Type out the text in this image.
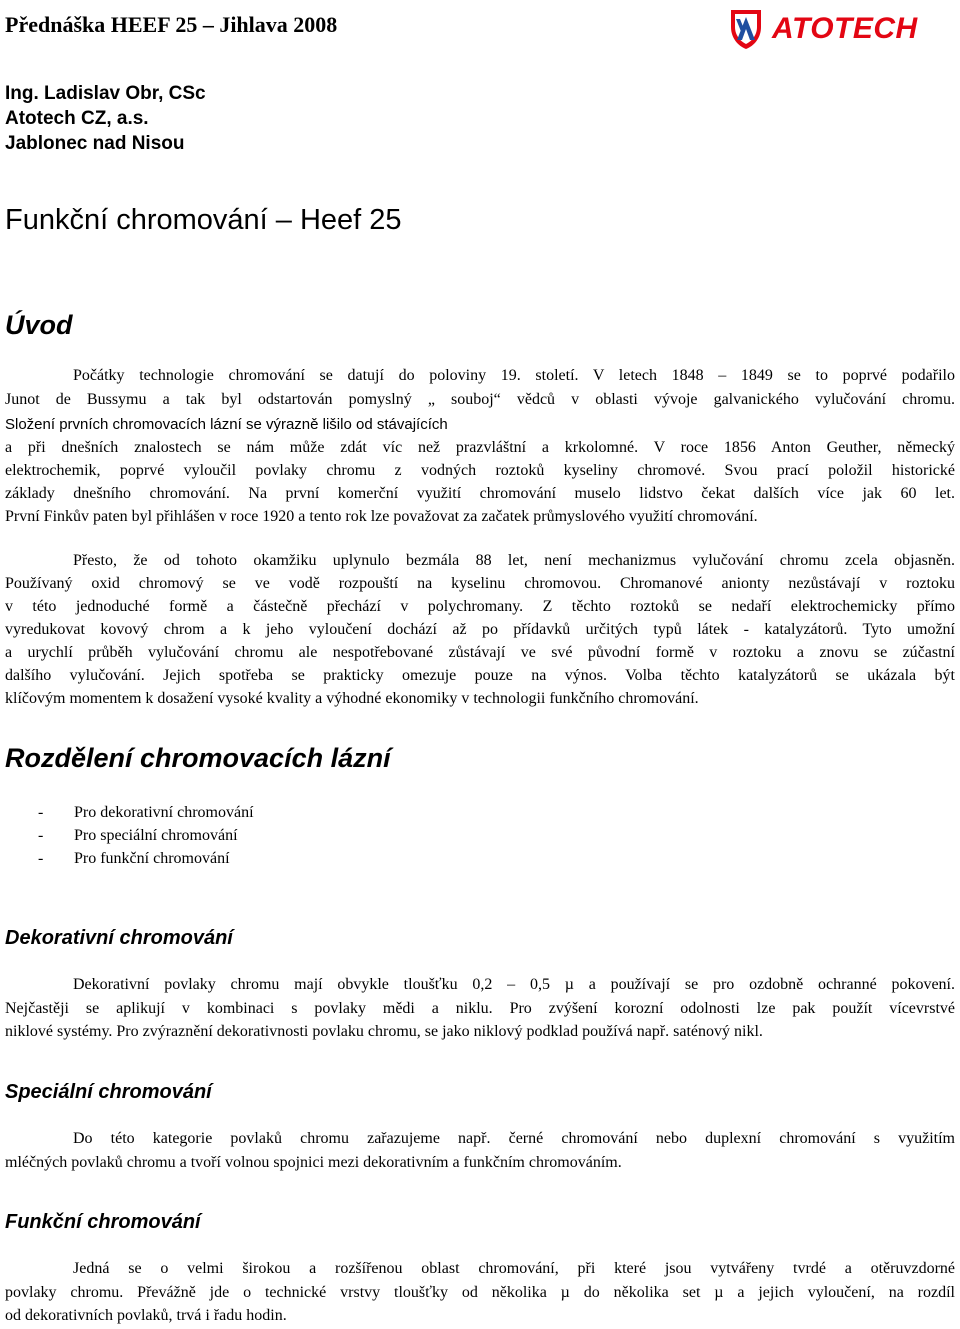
Přednáška HEEF 25 – Jihlava 2008	ATOTECH
Ing. Ladislav Obr, CSc
Atotech CZ, a.s.
Jablonec nad Nisou
Funkční chromování – Heef 25
Úvod
Počátky technologie chromování se datují do poloviny 19. století. V letech 1848 – 1849 se to poprvé podařilo
Junot de Bussymu a tak byl odstartován pomyslný „ souboj“ vědců v oblasti vývoje galvanického vylučování chromu.
Složení prvních chromovacích lázní se výrazně lišilo od stávajících
a při dnešních znalostech se nám může zdát víc než prazvláštní a krkolomné. V roce 1856 Anton Geuther, německý
elektrochemik, poprvé vyloučil povlaky chromu z vodných roztoků kyseliny chromové. Svou prací položil historické
základy dnešního chromování. Na první komerční využití chromování muselo lidstvo čekat dalších více jak 60 let.
První Finkův paten byl přihlášen v roce 1920 a tento rok lze považovat za začatek průmyslového využití chromování.
Přesto, že od tohoto okamžiku uplynulo bezmála 88 let, není mechanizmus vylučování chromu zcela objasněn.
Používaný oxid chromový se ve vodě rozpouští na kyselinu chromovou. Chromanové anionty nezůstávají v roztoku
v této jednoduché formě a částečně přechází v polychromany. Z těchto roztoků se nedaří elektrochemicky přímo
vyredukovat kovový chrom a k jeho vyloučení dochází až po přídavků určitých typů látek - katalyzátorů. Tyto umožní
a urychlí průběh vylučování chromu ale nespotřebované zůstávají ve své původní formě v roztoku a znovu se zúčastní
dalšího vylučování. Jejich spotřeba se prakticky omezuje pouze na výnos. Volba těchto katalyzátorů se ukázala být
klíčovým momentem k dosažení vysoké kvality a výhodné ekonomiky v technologii funkčního chromování.
Rozdělení chromovacích lázní
-	Pro dekorativní chromování
-	Pro speciální chromování
-	Pro funkční chromování
Dekorativní chromování
Dekorativní povlaky chromu mají obvykle tloušťku 0,2 – 0,5 µ a používají se pro ozdobně ochranné pokovení.
Nejčastěji se aplikují v kombinaci s povlaky mědi a niklu. Pro zvýšení korozní odolnosti lze pak použít vícevrstvé
niklové systémy. Pro zvýraznění dekorativnosti povlaku chromu, se jako niklový podklad používá např. saténový nikl.
Speciální chromování
Do této kategorie povlaků chromu zařazujeme např. černé chromování nebo duplexní chromování s využitím
mléčných povlaků chromu a tvoří volnou spojnici mezi dekorativním a funkčním chromováním.
Funkční chromování
Jedná se o velmi širokou a rozšířenou oblast chromování, při které jsou vytvářeny tvrdé a otěruvzdorné
povlaky chromu. Převážně jde o technické vrstvy tloušťky od několika µ do několika set µ a jejich vyloučení, na rozdíl
od dekorativních povlaků, trvá i řadu hodin.
